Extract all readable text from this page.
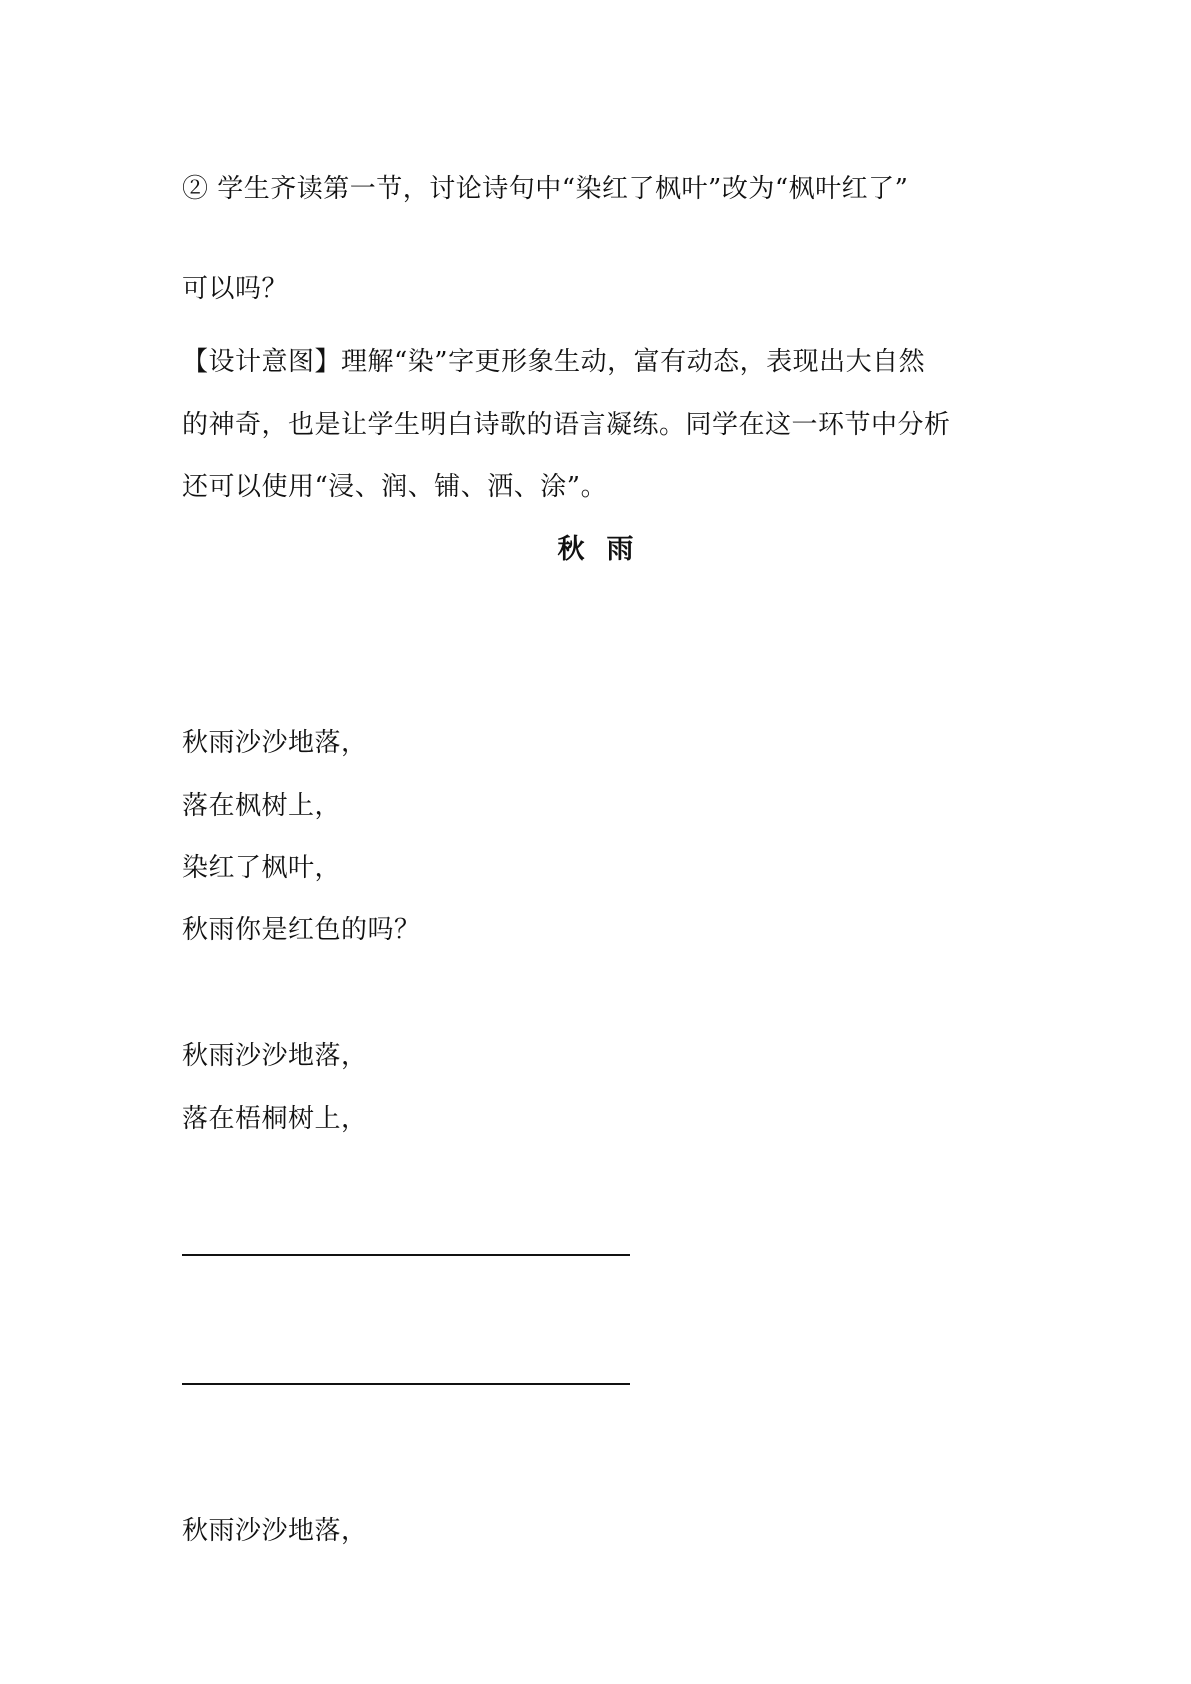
② 学生齐读第一节，讨论诗句中“染红了枫叶”改为“枫叶红了”
可以吗？
【设计意图】理解“染”字更形象生动，富有动态，表现出大自然
的神奇，也是让学生明白诗歌的语言凝练。同学在这一环节中分析
还可以使用“浸、润、铺、洒、涂”。
秋雨
秋雨沙沙地落，
落在枫树上，
染红了枫叶，
秋雨你是红色的吗？
秋雨沙沙地落，
落在梧桐树上，
秋雨沙沙地落，
